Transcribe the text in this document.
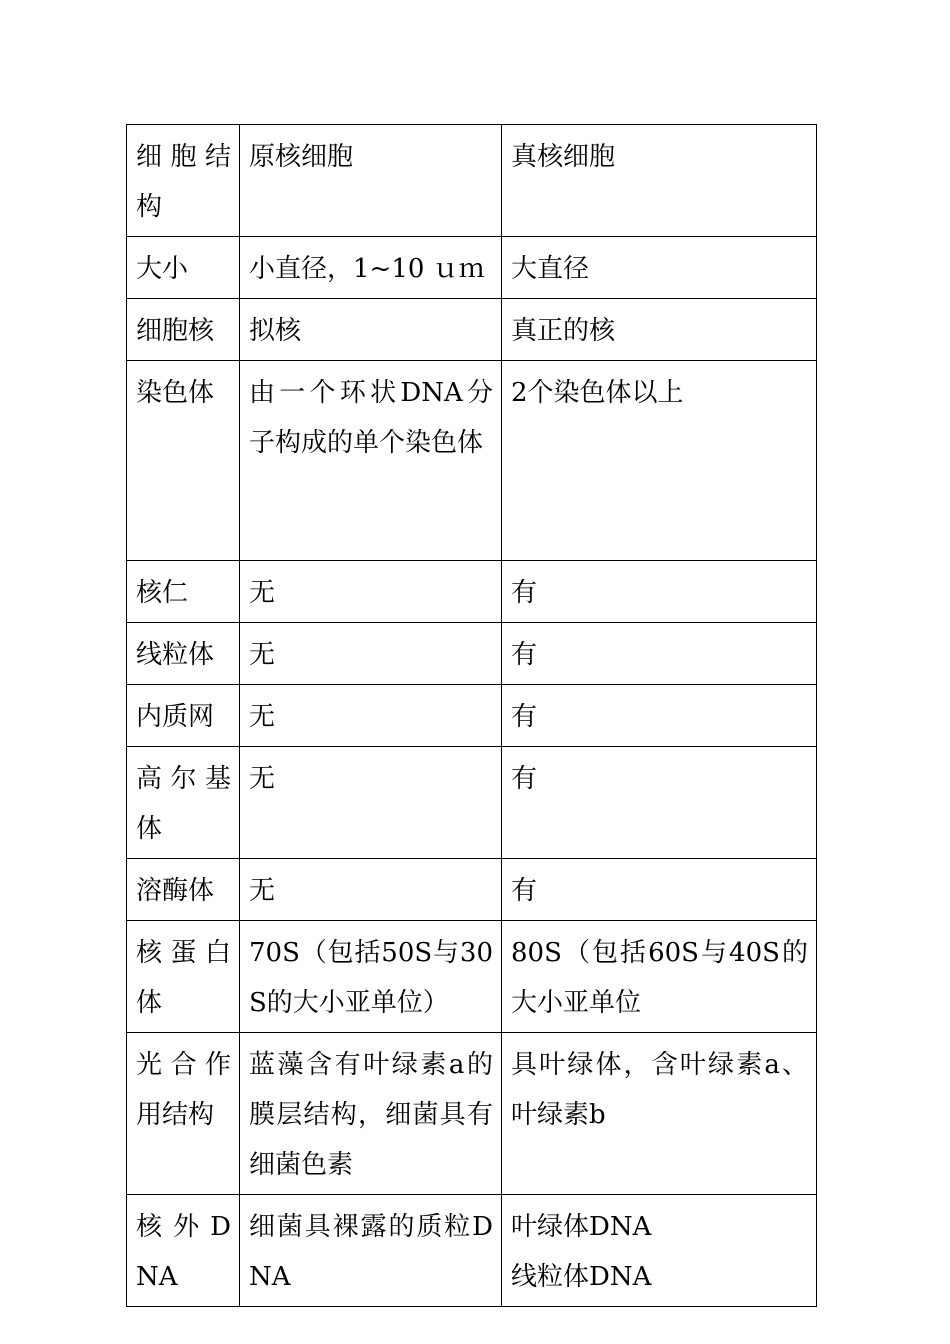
细胞结构	原核细胞	真核细胞

大小	小直径，1~10 ｕｍ	大直径

细胞核	拟核	真正的核

染色体	由一个环状DNA分子构成的单个染色体	2个染色体以上

核仁	无	有

线粒体	无	有

内质网	无	有

高尔基体	无	有

溶酶体	无	有

核蛋白体	70S（包括50S与30S的大小亚单位）	80S（包括60S与40S的大小亚单位

光合作用结构	蓝藻含有叶绿素a的膜层结构，细菌具有细菌色素	具叶绿体，含叶绿素a、叶绿素b

核外DNA	细菌具裸露的质粒DNA	叶绿体DNA
线粒体DNA
